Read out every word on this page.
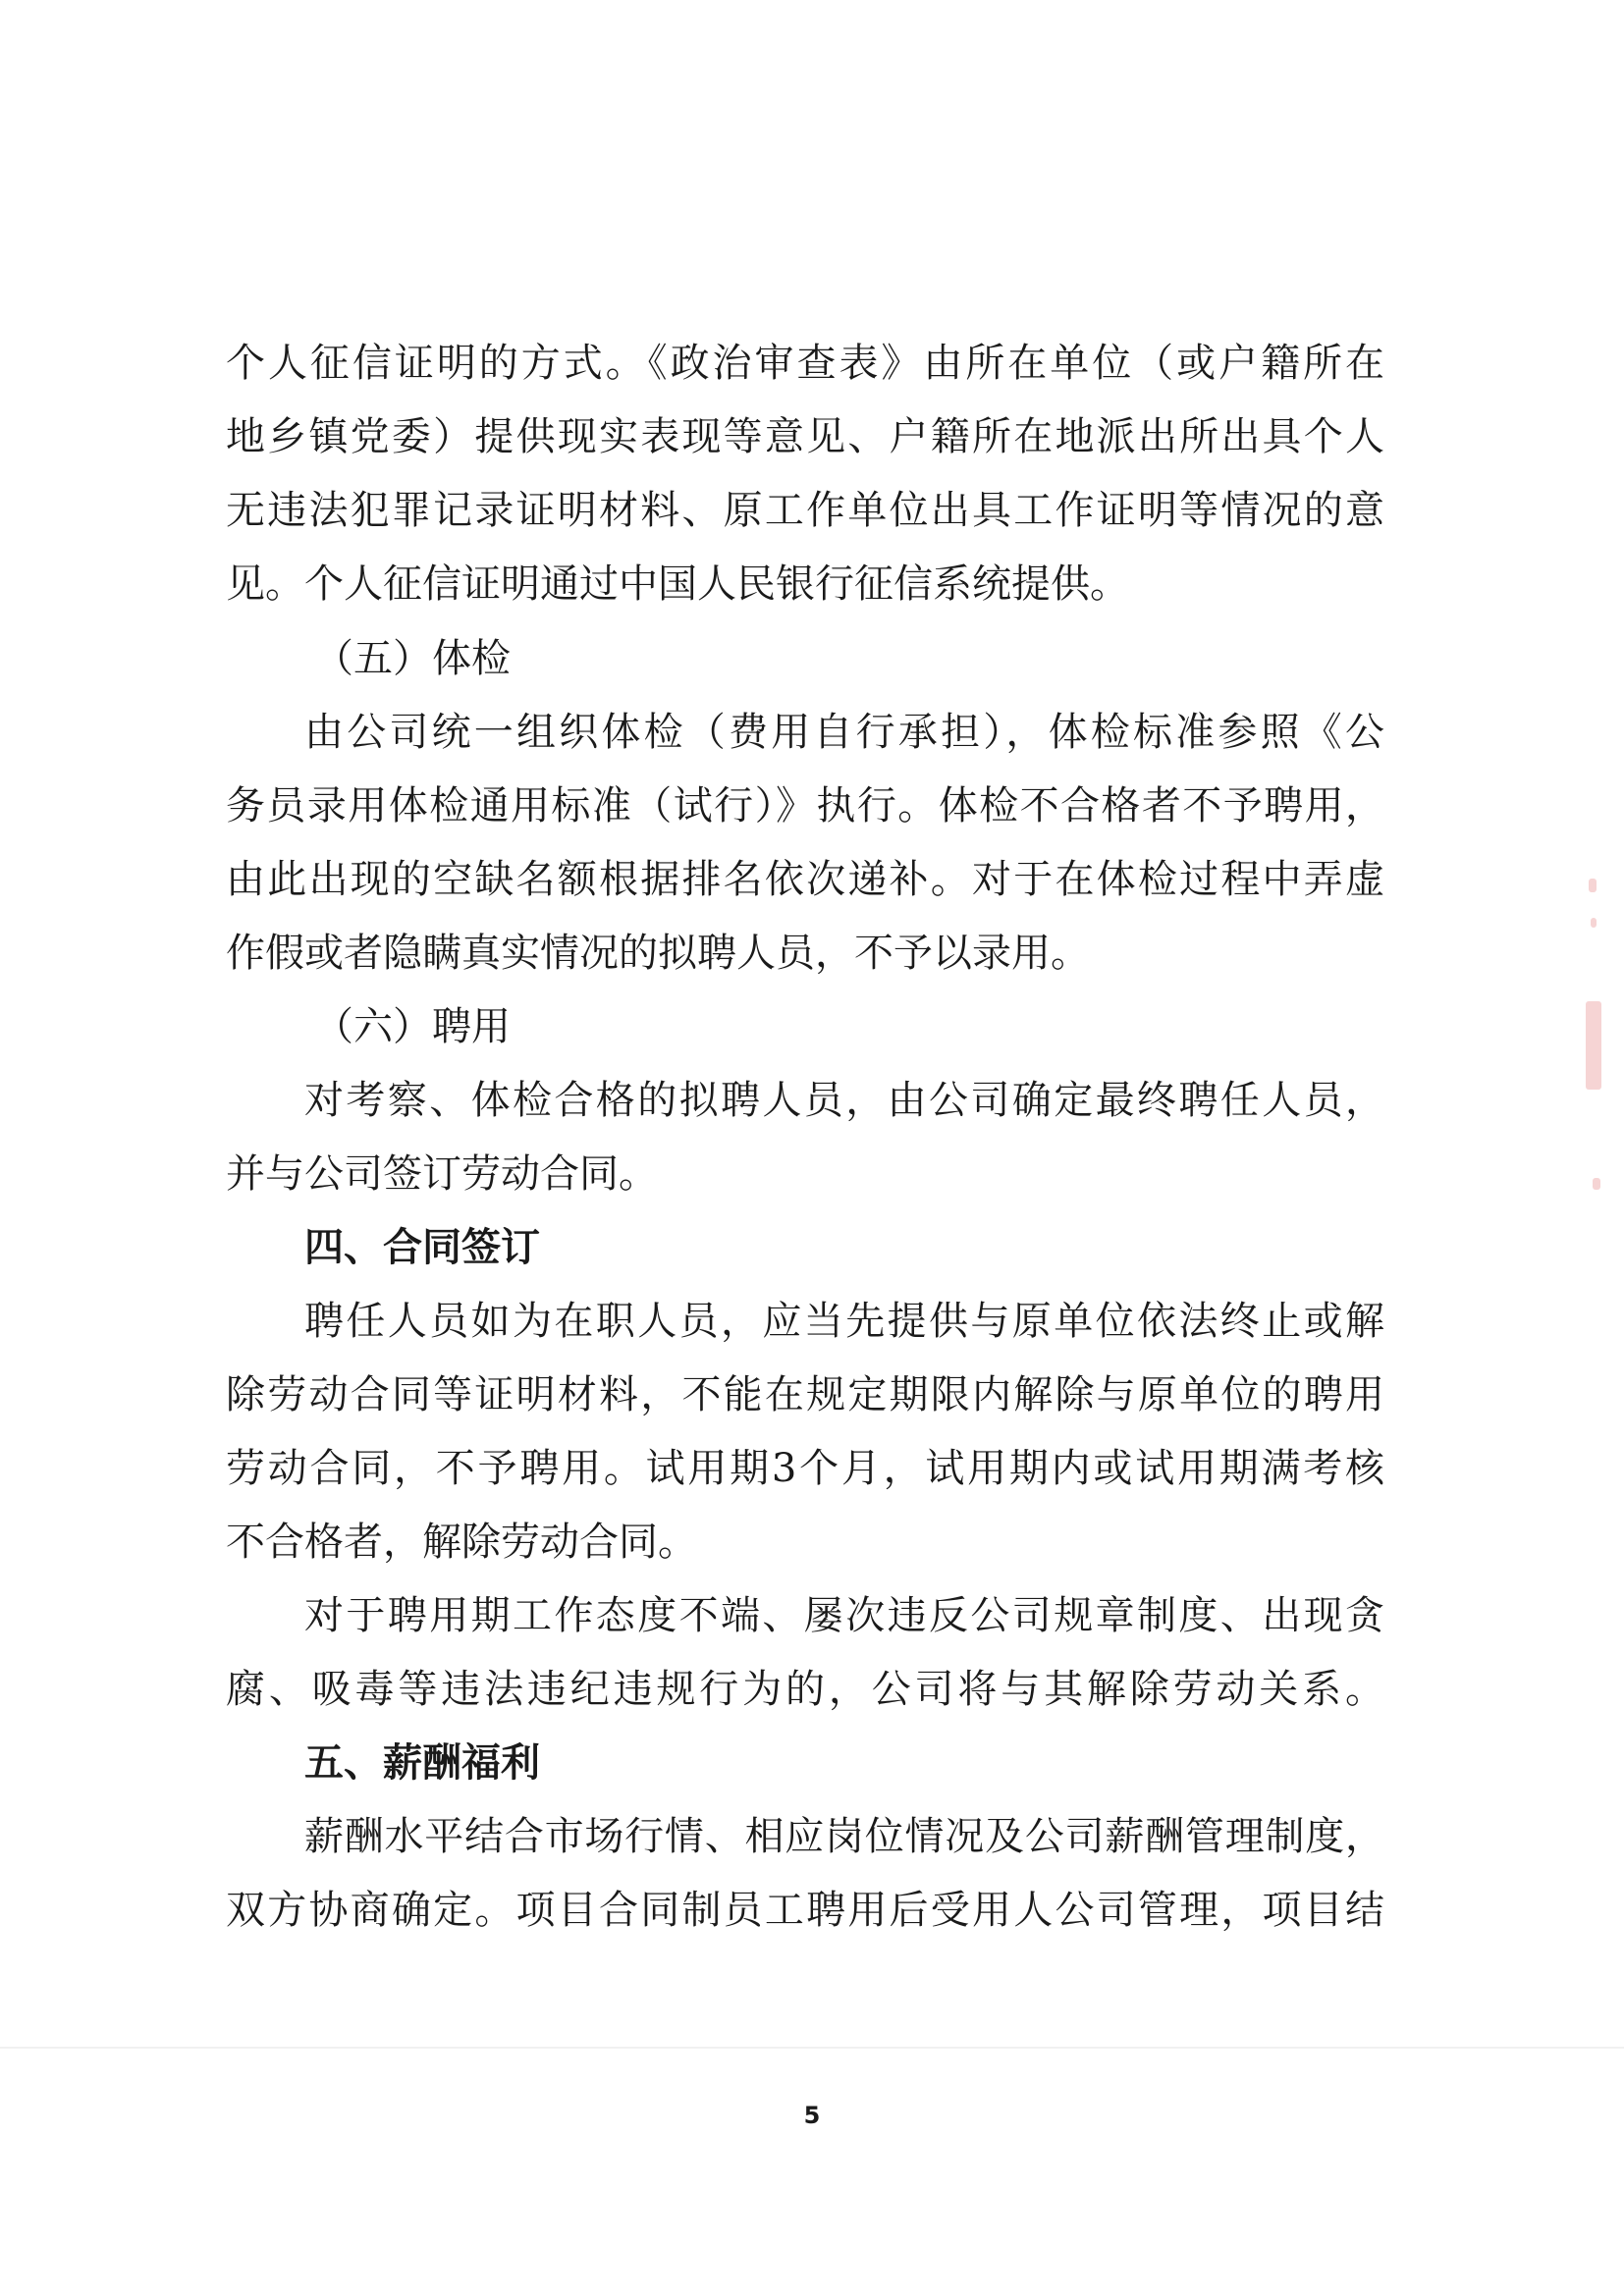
个人征信证明的方式。《政治审查表》由所在单位（或户籍所在
地乡镇党委）提供现实表现等意见、户籍所在地派出所出具个人
无违法犯罪记录证明材料、原工作单位出具工作证明等情况的意
见。个人征信证明通过中国人民银行征信系统提供。
（五）体检
由公司统一组织体检（费用自行承担），体检标准参照《公
务员录用体检通用标准（试行）》执行。体检不合格者不予聘用，
由此出现的空缺名额根据排名依次递补。对于在体检过程中弄虚
作假或者隐瞒真实情况的拟聘人员，不予以录用。
（六）聘用
对考察、体检合格的拟聘人员，由公司确定最终聘任人员，
并与公司签订劳动合同。
四、合同签订
聘任人员如为在职人员，应当先提供与原单位依法终止或解
除劳动合同等证明材料，不能在规定期限内解除与原单位的聘用
劳动合同，不予聘用。试用期3个月，试用期内或试用期满考核
不合格者，解除劳动合同。
对于聘用期工作态度不端、屡次违反公司规章制度、出现贪
腐、吸毒等违法违纪违规行为的，公司将与其解除劳动关系。
五、薪酬福利
薪酬水平结合市场行情、相应岗位情况及公司薪酬管理制度，
双方协商确定。项目合同制员工聘用后受用人公司管理，项目结
5
